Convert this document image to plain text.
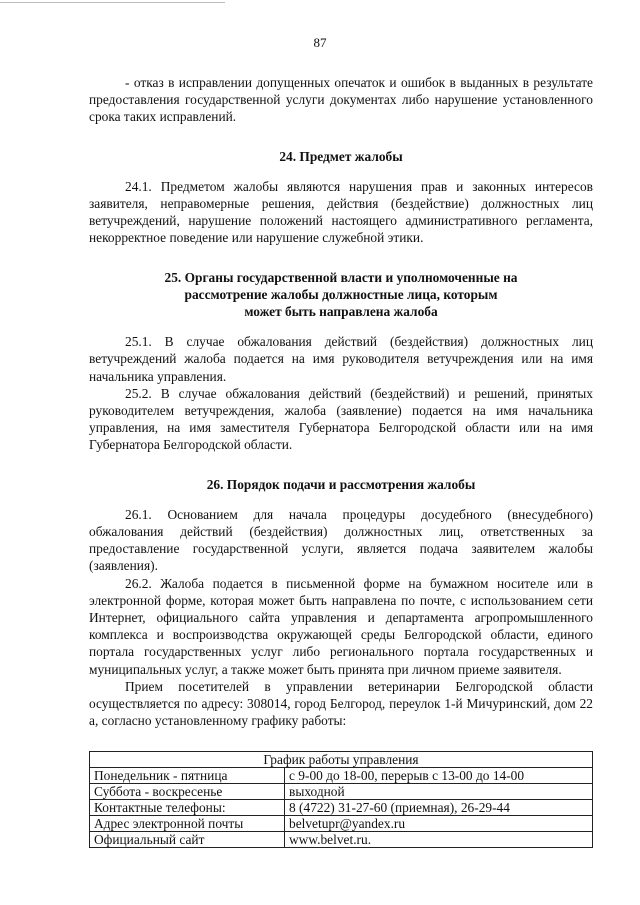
87

- отказ в исправлении допущенных опечаток и ошибок в выданных в результате предоставления государственной услуги документах либо нарушение установленного срока таких исправлений.

24. Предмет жалобы

24.1. Предметом жалобы являются нарушения прав и законных интересов заявителя, неправомерные решения, действия (бездействие) должностных лиц ветучреждений, нарушение положений настоящего административного регламента, некорректное поведение или нарушение служебной этики.

25. Органы государственной власти и уполномоченные на
рассмотрение жалобы должностные лица, которым
может быть направлена жалоба

25.1. В случае обжалования действий (бездействия) должностных лиц ветучреждений жалоба подается на имя руководителя ветучреждения или на имя начальника управления.

25.2. В случае обжалования действий (бездействий) и решений, принятых руководителем ветучреждения, жалоба (заявление) подается на имя начальника управления, на имя заместителя Губернатора Белгородской области или на имя Губернатора Белгородской области.

26. Порядок подачи и рассмотрения жалобы

26.1. Основанием для начала процедуры досудебного (внесудебного) обжалования действий (бездействия) должностных лиц, ответственных за предоставление государственной услуги, является подача заявителем жалобы (заявления).

26.2. Жалоба подается в письменной форме на бумажном носителе или в электронной форме, которая может быть направлена по почте, с использованием сети Интернет, официального сайта управления и департамента агропромышленного комплекса и воспроизводства окружающей среды Белгородской области, единого портала государственных услуг либо регионального портала государственных и муниципальных услуг, а также может быть принята при личном приеме заявителя.

Прием посетителей в управлении ветеринарии Белгородской области осуществляется по адресу: 308014, город Белгород, переулок 1-й Мичуринский, дом 22 а, согласно установленному графику работы:

График работы управления	
Понедельник - пятница	с 9-00 до 18-00, перерыв с 13-00 до 14-00
Суббота - воскресенье	выходной
Контактные телефоны:	8 (4722) 31-27-60 (приемная), 26-29-44
Адрес электронной почты	belvetupr@yandex.ru
Официальный сайт	www.belvet.ru.
